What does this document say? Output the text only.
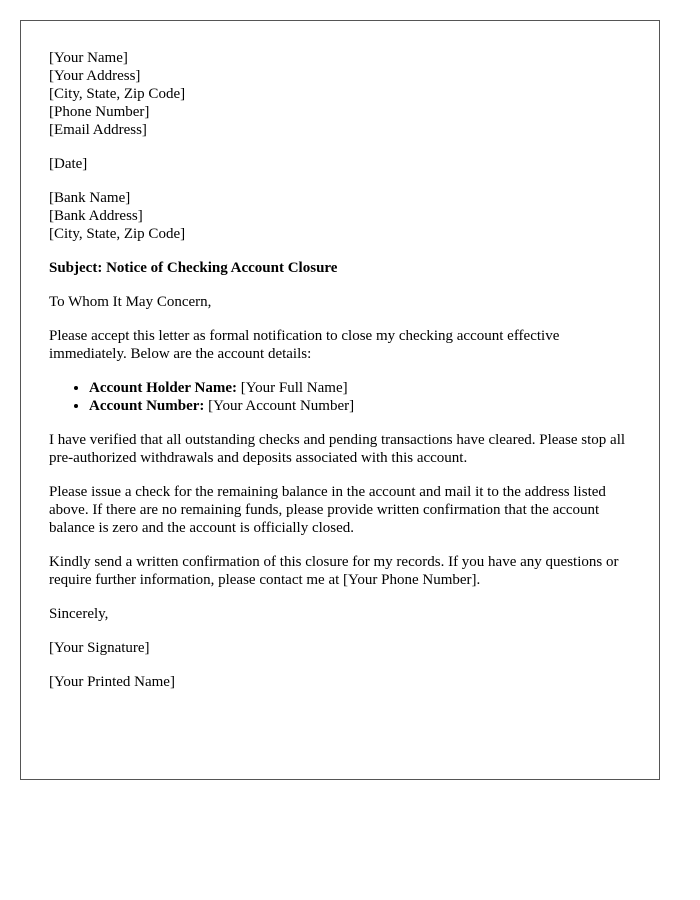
[Your Name]
[Your Address]
[City, State, Zip Code]
[Phone Number]
[Email Address]
[Date]
[Bank Name]
[Bank Address]
[City, State, Zip Code]
Subject: Notice of Checking Account Closure

To Whom It May Concern,

Please accept this letter as formal notification to close my checking account effective immediately. Below are the account details:

• Account Holder Name: [Your Full Name]
• Account Number: [Your Account Number]

I have verified that all outstanding checks and pending transactions have cleared. Please stop all pre-authorized withdrawals and deposits associated with this account.

Please issue a check for the remaining balance in the account and mail it to the address listed above. If there are no remaining funds, please provide written confirmation that the account balance is zero and the account is officially closed.

Kindly send a written confirmation of this closure for my records. If you have any questions or require further information, please contact me at [Your Phone Number].

Sincerely,

[Your Signature]

[Your Printed Name]
